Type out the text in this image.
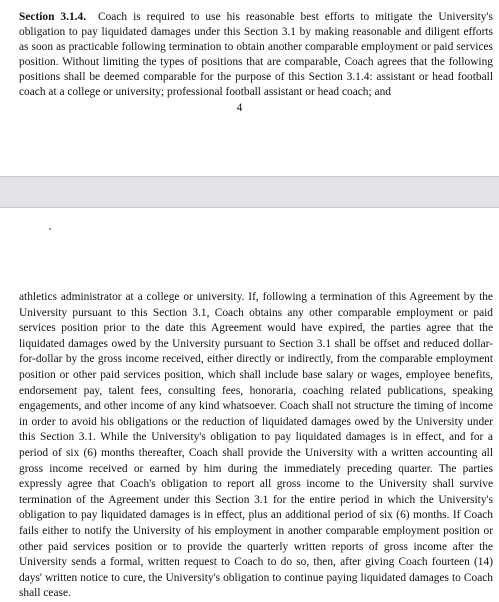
Section 3.1.4. Coach is required to use his reasonable best efforts to mitigate the University's obligation to pay liquidated damages under this Section 3.1 by making reasonable and diligent efforts as soon as practicable following termination to obtain another comparable employment or paid services position. Without limiting the types of positions that are comparable, Coach agrees that the following positions shall be deemed comparable for the purpose of this Section 3.1.4: assistant or head football coach at a college or university; professional football assistant or head coach; and

4

athletics administrator at a college or university. If, following a termination of this Agreement by the University pursuant to this Section 3.1, Coach obtains any other comparable employment or paid services position prior to the date this Agreement would have expired, the parties agree that the liquidated damages owed by the University pursuant to Section 3.1 shall be offset and reduced dollar-for-dollar by the gross income received, either directly or indirectly, from the comparable employment position or other paid services position, which shall include base salary or wages, employee benefits, endorsement pay, talent fees, consulting fees, honoraria, coaching related publications, speaking engagements, and other income of any kind whatsoever. Coach shall not structure the timing of income in order to avoid his obligations or the reduction of liquidated damages owed by the University under this Section 3.1. While the University's obligation to pay liquidated damages is in effect, and for a period of six (6) months thereafter, Coach shall provide the University with a written accounting all gross income received or earned by him during the immediately preceding quarter. The parties expressly agree that Coach's obligation to report all gross income to the University shall survive termination of the Agreement under this Section 3.1 for the entire period in which the University's obligation to pay liquidated damages is in effect, plus an additional period of six (6) months. If Coach fails either to notify the University of his employment in another comparable employment position or other paid services position or to provide the quarterly written reports of gross income after the University sends a formal, written request to Coach to do so, then, after giving Coach fourteen (14) days' written notice to cure, the University's obligation to continue paying liquidated damages to Coach shall cease.
